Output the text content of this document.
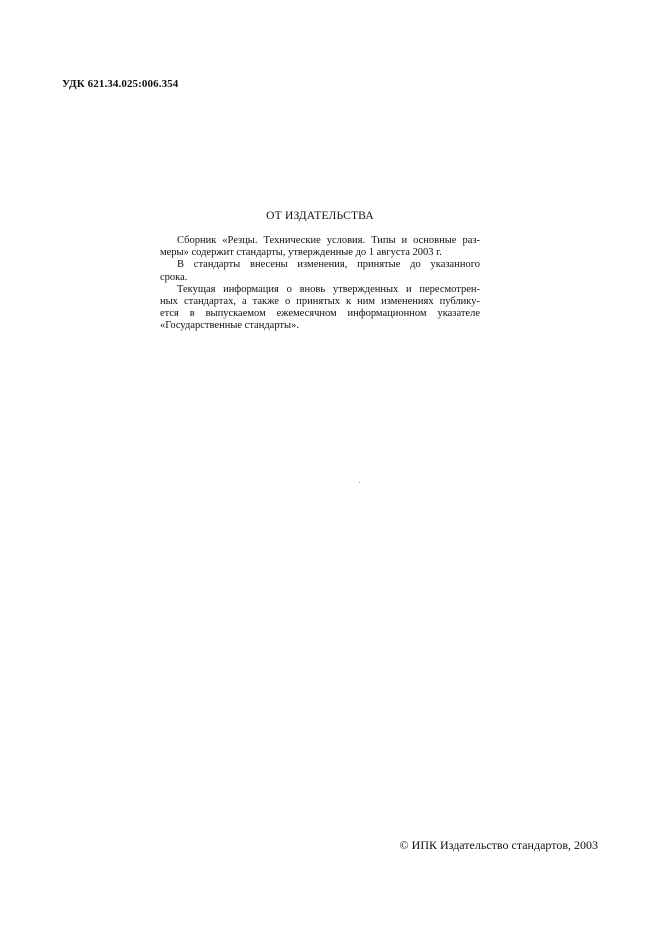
УДК 621.34.025:006.354
ОТ ИЗДАТЕЛЬСТВА
Сборник «Резцы. Технические условия. Типы и основные раз-
меры» содержит стандарты, утвержденные до 1 августа 2003 г.
В стандарты внесены изменения, принятые до указанного
срока.
Текущая информация о вновь утвержденных и пересмотрен-
ных стандартах, а также о принятых к ним изменениях публику-
ется в выпускаемом ежемесячном информационном указателе
«Государственные стандарты».
© ИПК Издательство стандартов, 2003
